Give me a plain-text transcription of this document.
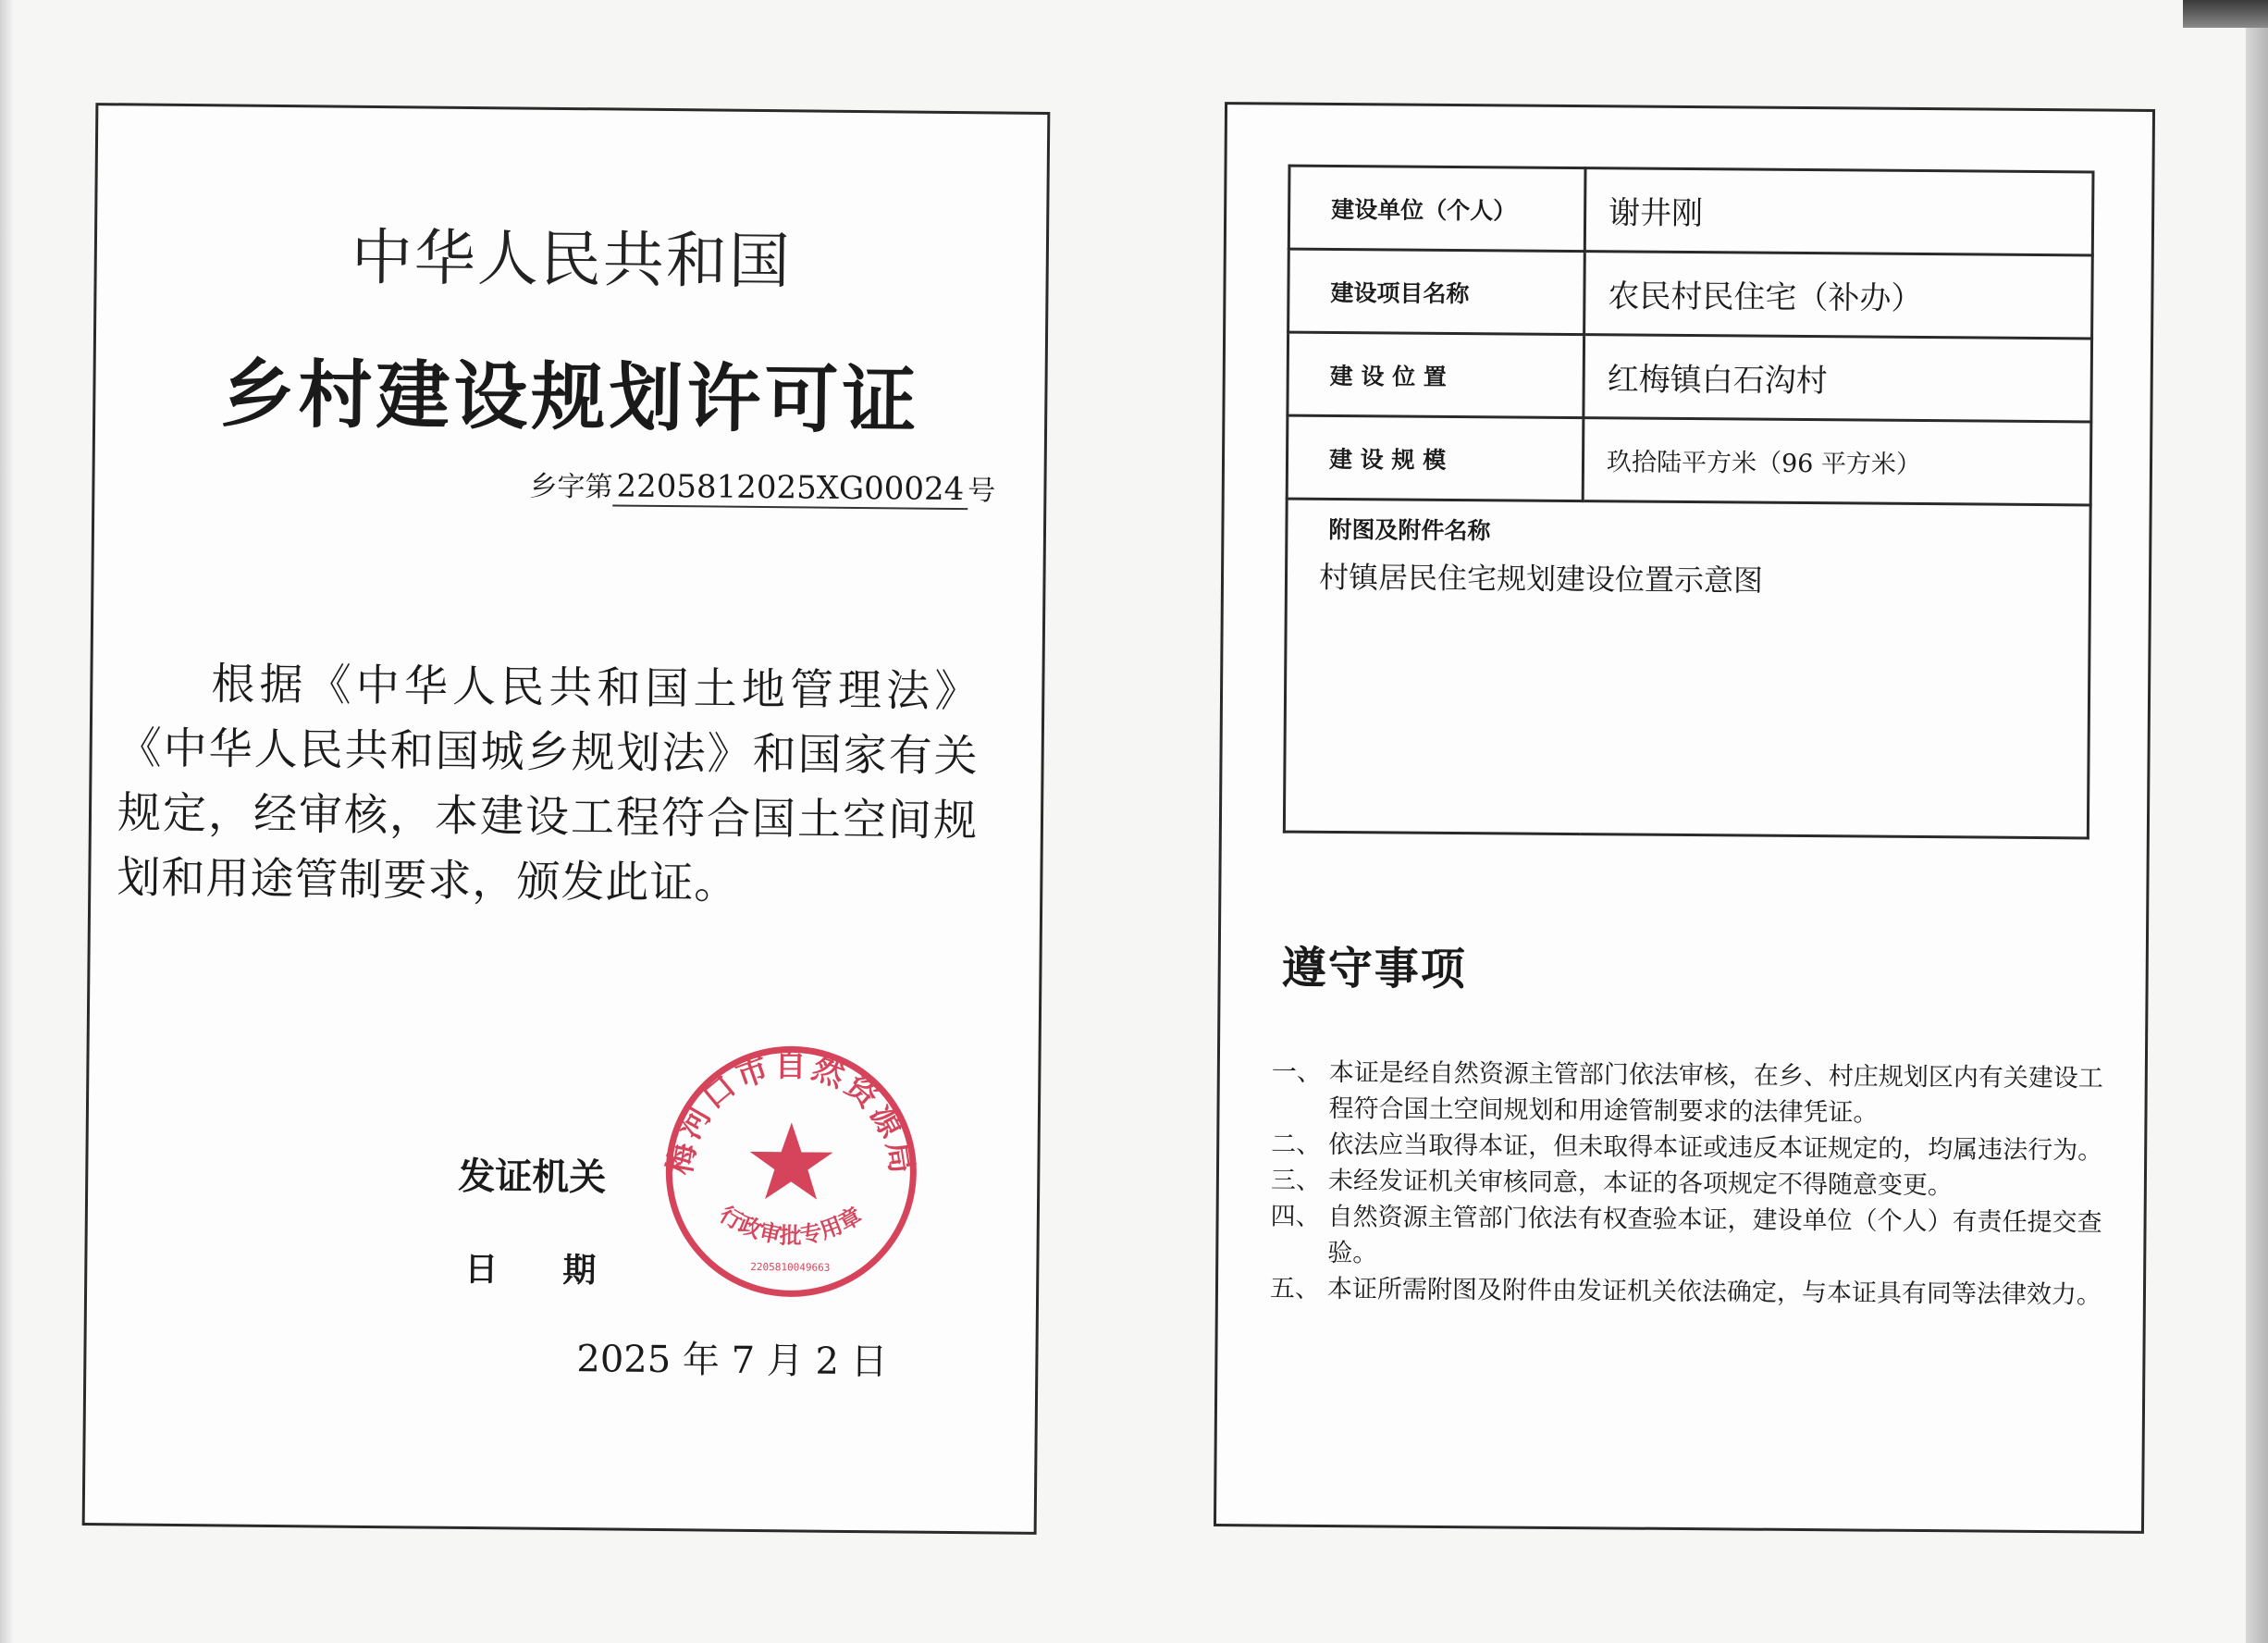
中华人民共和国
乡村建设规划许可证
乡字第 2205812025XG00024 号
根据《中华人民共和国土地管理法》《中华人民共和国城乡规划法》和国家有关规定，经审核，本建设工程符合国土空间规划和用途管制要求，颁发此证。
发证机关
日期
2025 年 7 月 2 日
梅河口市自然资源局
行政审批专用章
2205810049663
建设单位（个人）	谢井刚
建设项目名称	农民村民住宅（补办）
建 设 位 置	红梅镇白石沟村
建 设 规 模	玖拾陆平方米（96 平方米）

附图及附件名称
村镇居民住宅规划建设位置示意图	
遵守事项
一、 本证是经自然资源主管部门依法审核，在乡、村庄规划区内有关建设工程符合国土空间规划和用途管制要求的法律凭证。
二、 依法应当取得本证，但未取得本证或违反本证规定的，均属违法行为。
三、 未经发证机关审核同意，本证的各项规定不得随意变更。
四、 自然资源主管部门依法有权查验本证，建设单位（个人）有责任提交查验。
五、 本证所需附图及附件由发证机关依法确定，与本证具有同等法律效力。
